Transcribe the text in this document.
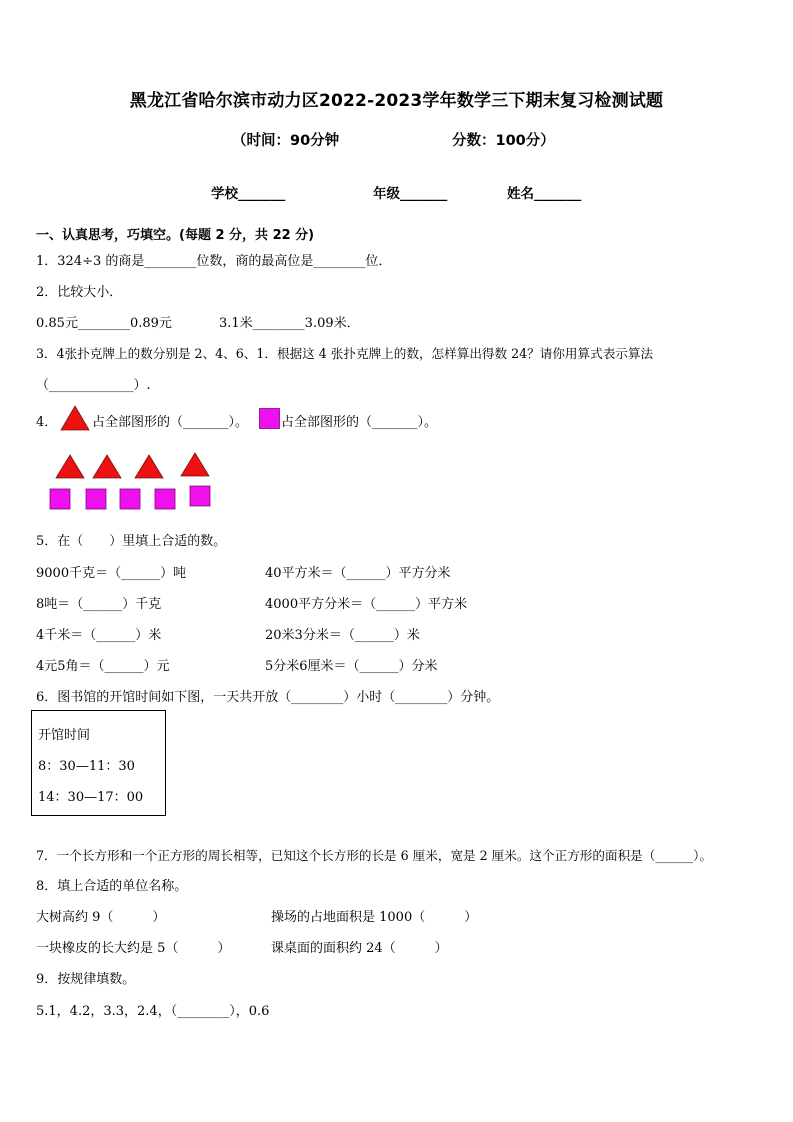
黑龙江省哈尔滨市动力区2022-2023学年数学三下期末复习检测试题
（时间：90分钟	分数：100分）
学校_______	年级_______	姓名_______
一、认真思考，巧填空。(每题 2 分，共 22 分)
1．324÷3 的商是________位数，商的最高位是________位．
2．比较大小．
0.85元________0.89元	3.1米________3.09米．
3．4张扑克牌上的数分别是 2、4、6、1．根据这 4 张扑克牌上的数，怎样算出得数 24？请你用算式表示算法
（_____________）.
4．	占全部图形的（_______）。	占全部图形的（_______）。
5．在（　　）里填上合适的数。
9000千克＝（______）吨	40平方米＝（______）平方分米
8吨＝（______）千克	4000平方分米＝（______）平方米
4千米＝（______）米	20米3分米＝（______）米
4元5角＝（______）元	5分米6厘米＝（______）分米
6．图书馆的开馆时间如下图，一天共开放（________）小时（________）分钟。
开馆时间
8：30—11：30
14：30—17：00
7．一个长方形和一个正方形的周长相等，已知这个长方形的长是 6 厘米，宽是 2 厘米。这个正方形的面积是（______）。
8．填上合适的单位名称。
大树高约 9（　　　）	操场的占地面积是 1000（　　　）
一块橡皮的长大约是 5（　　　）	课桌面的面积约 24（　　　）
9．按规律填数。
5.1，4.2，3.3，2.4，（________），0.6
